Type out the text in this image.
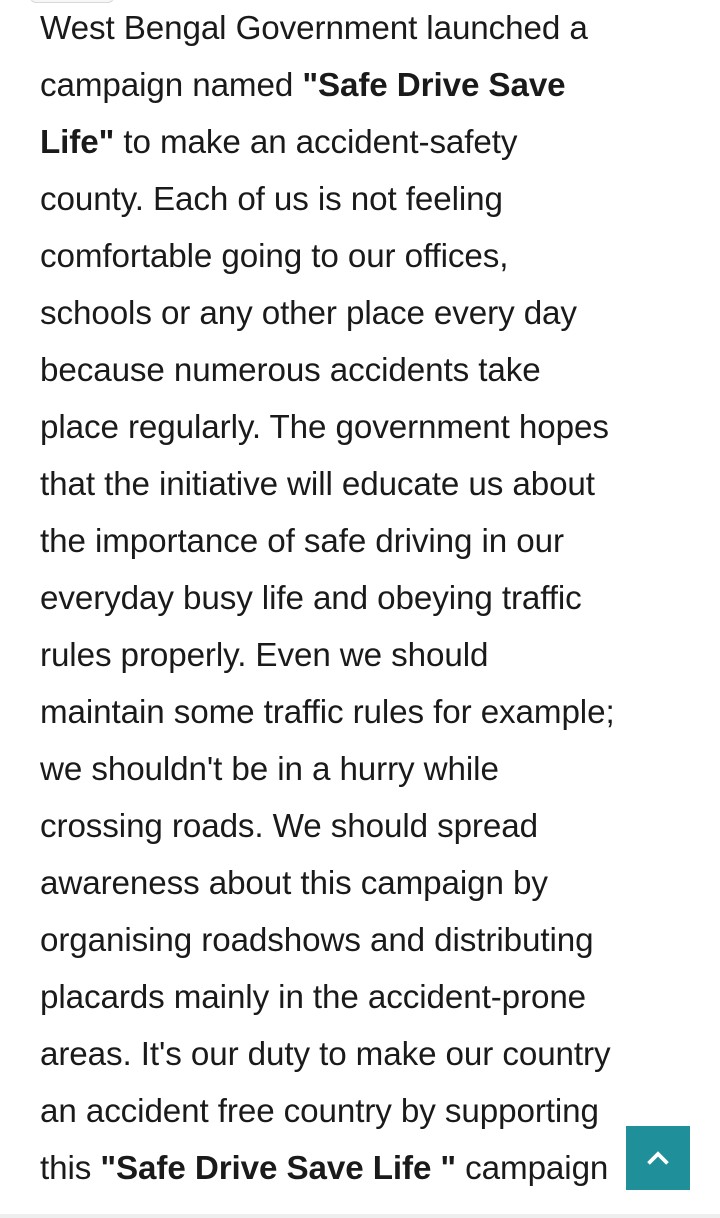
West Bengal Government launched a
campaign named "Safe Drive Save
Life" to make an accident-safety
county. Each of us is not feeling
comfortable going to our offices,
schools or any other place every day
because numerous accidents take
place regularly. The government hopes
that the initiative will educate us about
the importance of safe driving in our
everyday busy life and obeying traffic
rules properly. Even we should
maintain some traffic rules for example;
we shouldn't be in a hurry while
crossing roads. We should spread
awareness about this campaign by
organising roadshows and distributing
placards mainly in the accident-prone
areas. It's our duty to make our country
an accident free country by supporting
this "Safe Drive Save Life " campaign
